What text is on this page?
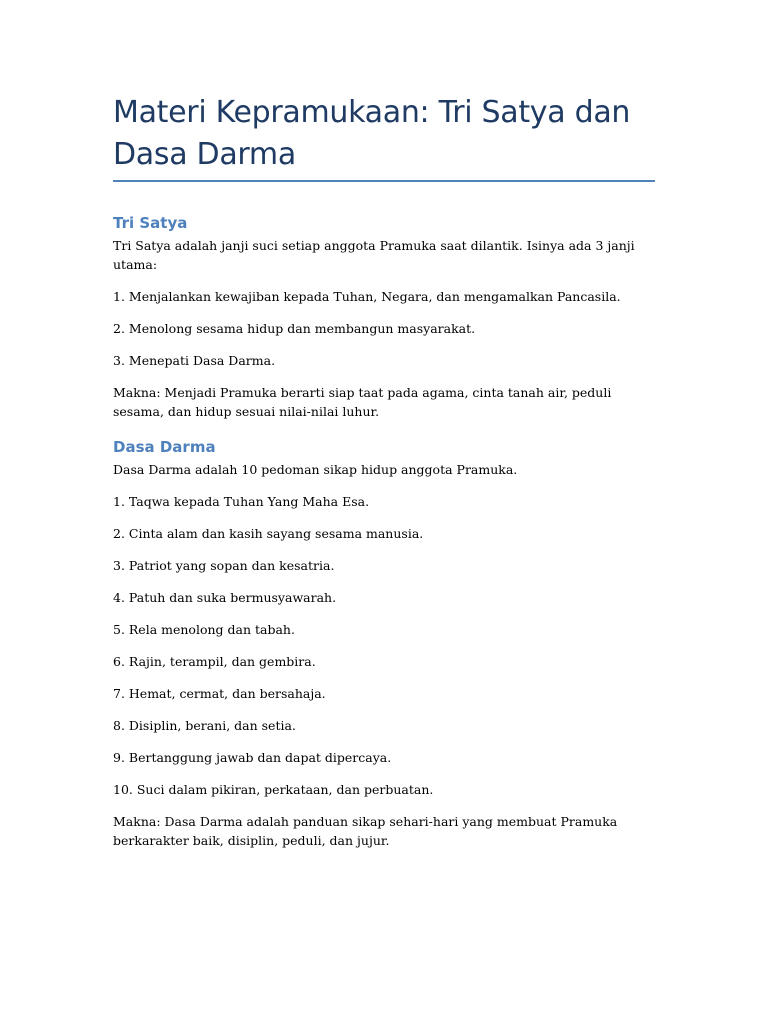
Materi Kepramukaan: Tri Satya dan Dasa Darma
Tri Satya

Tri Satya adalah janji suci setiap anggota Pramuka saat dilantik. Isinya ada 3 janji utama:

1. Menjalankan kewajiban kepada Tuhan, Negara, dan mengamalkan Pancasila.

2. Menolong sesama hidup dan membangun masyarakat.

3. Menepati Dasa Darma.

Makna: Menjadi Pramuka berarti siap taat pada agama, cinta tanah air, peduli sesama, dan hidup sesuai nilai-nilai luhur.

Dasa Darma

Dasa Darma adalah 10 pedoman sikap hidup anggota Pramuka.

1. Taqwa kepada Tuhan Yang Maha Esa.

2. Cinta alam dan kasih sayang sesama manusia.

3. Patriot yang sopan dan kesatria.

4. Patuh dan suka bermusyawarah.

5. Rela menolong dan tabah.

6. Rajin, terampil, dan gembira.

7. Hemat, cermat, dan bersahaja.

8. Disiplin, berani, dan setia.

9. Bertanggung jawab dan dapat dipercaya.

10. Suci dalam pikiran, perkataan, dan perbuatan.

Makna: Dasa Darma adalah panduan sikap sehari-hari yang membuat Pramuka berkarakter baik, disiplin, peduli, dan jujur.
